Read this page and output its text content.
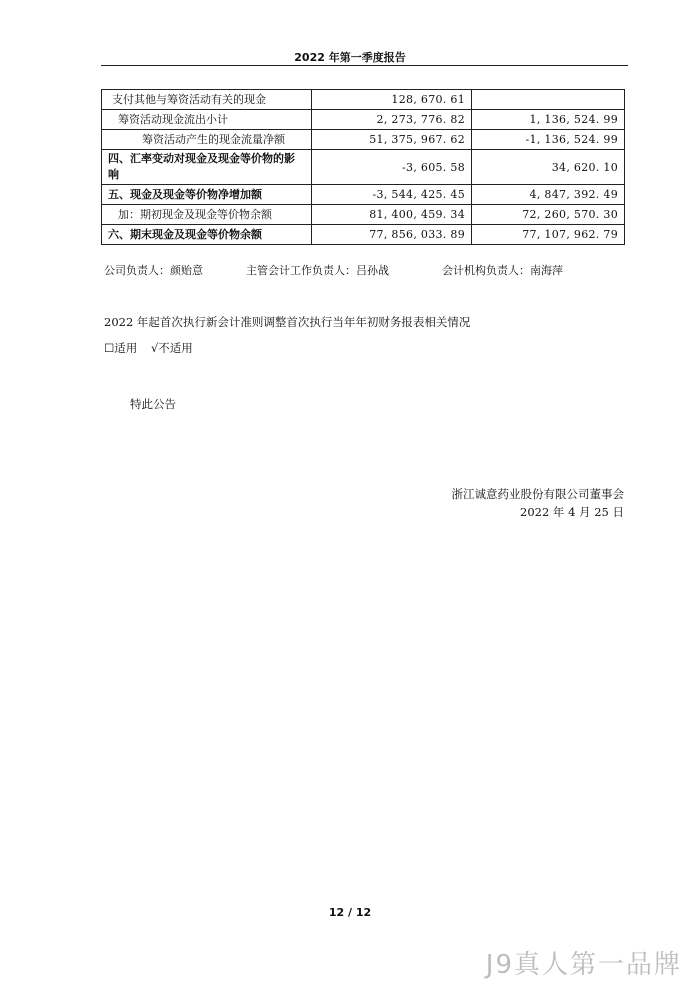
2022 年第一季度报告
支付其他与筹资活动有关的现金	128, 670. 61	
筹资活动现金流出小计	2, 273, 776. 82	1, 136, 524. 99
筹资活动产生的现金流量净额	51, 375, 967. 62	-1, 136, 524. 99
四、汇率变动对现金及现金等价物的影响	-3, 605. 58	34, 620. 10
五、现金及现金等价物净增加额	-3, 544, 425. 45	4, 847, 392. 49
加：期初现金及现金等价物余额	81, 400, 459. 34	72, 260, 570. 30
六、期末现金及现金等价物余额	77, 856, 033. 89	77, 107, 962. 79
公司负责人：颜贻意	主管会计工作负责人：吕孙战	会计机构负责人：南海萍
2022 年起首次执行新会计准则调整首次执行当年年初财务报表相关情况
☐适用 √不适用
特此公告
浙江诚意药业股份有限公司董事会
2022 年 4 月 25 日
12 / 12
J9真人第一品牌
